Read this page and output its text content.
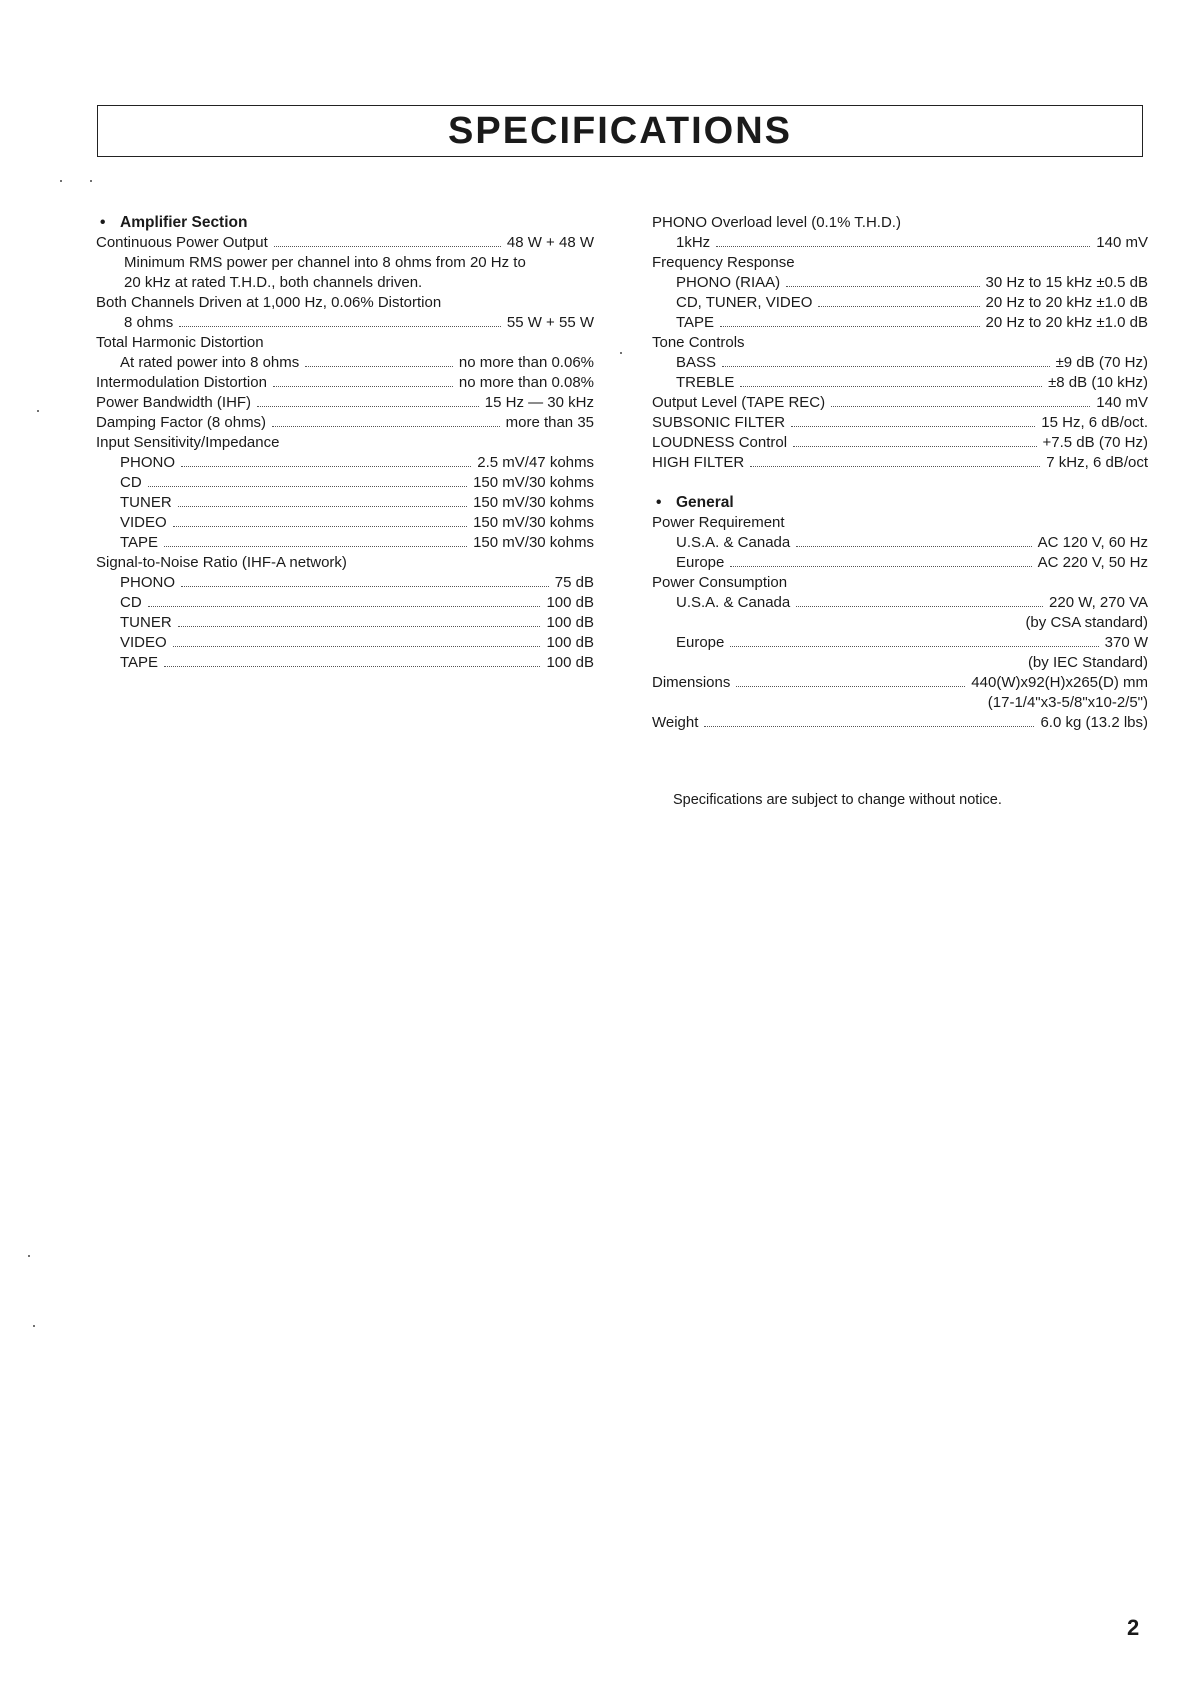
SPECIFICATIONS
• Amplifier Section
Continuous Power Output	48 W + 48 W
Minimum RMS power per channel into 8 ohms from 20 Hz to
20 kHz at rated T.H.D., both channels driven.
Both Channels Driven at 1,000 Hz, 0.06% Distortion
8 ohms	55 W + 55 W
Total Harmonic Distortion
At rated power into 8 ohms	no more than 0.06%
Intermodulation Distortion	no more than 0.08%
Power Bandwidth (IHF)	15 Hz — 30 kHz
Damping Factor (8 ohms)	more than 35
Input Sensitivity/Impedance
PHONO	2.5 mV/47 kohms
CD	150 mV/30 kohms
TUNER	150 mV/30 kohms
VIDEO	150 mV/30 kohms
TAPE	150 mV/30 kohms
Signal-to-Noise Ratio (IHF-A network)
PHONO	75 dB
CD	100 dB
TUNER	100 dB
VIDEO	100 dB
TAPE	100 dB
PHONO Overload level (0.1% T.H.D.)
1kHz	140 mV
Frequency Response
PHONO (RIAA)	30 Hz to 15 kHz ±0.5 dB
CD, TUNER, VIDEO	20 Hz to 20 kHz ±1.0 dB
TAPE	20 Hz to 20 kHz ±1.0 dB
Tone Controls
BASS	±9 dB (70 Hz)
TREBLE	±8 dB (10 kHz)
Output Level (TAPE REC)	140 mV
SUBSONIC FILTER	15 Hz, 6 dB/oct.
LOUDNESS Control	+7.5 dB (70 Hz)
HIGH FILTER	7 kHz, 6 dB/oct
• General
Power Requirement
U.S.A. & Canada	AC 120 V, 60 Hz
Europe	AC 220 V, 50 Hz
Power Consumption
U.S.A. & Canada	220 W, 270 VA
(by CSA standard)
Europe	370 W
(by IEC Standard)
Dimensions	440(W)x92(H)x265(D) mm
(17-1/4"x3-5/8"x10-2/5")
Weight	6.0 kg (13.2 lbs)
Specifications are subject to change without notice.
2
